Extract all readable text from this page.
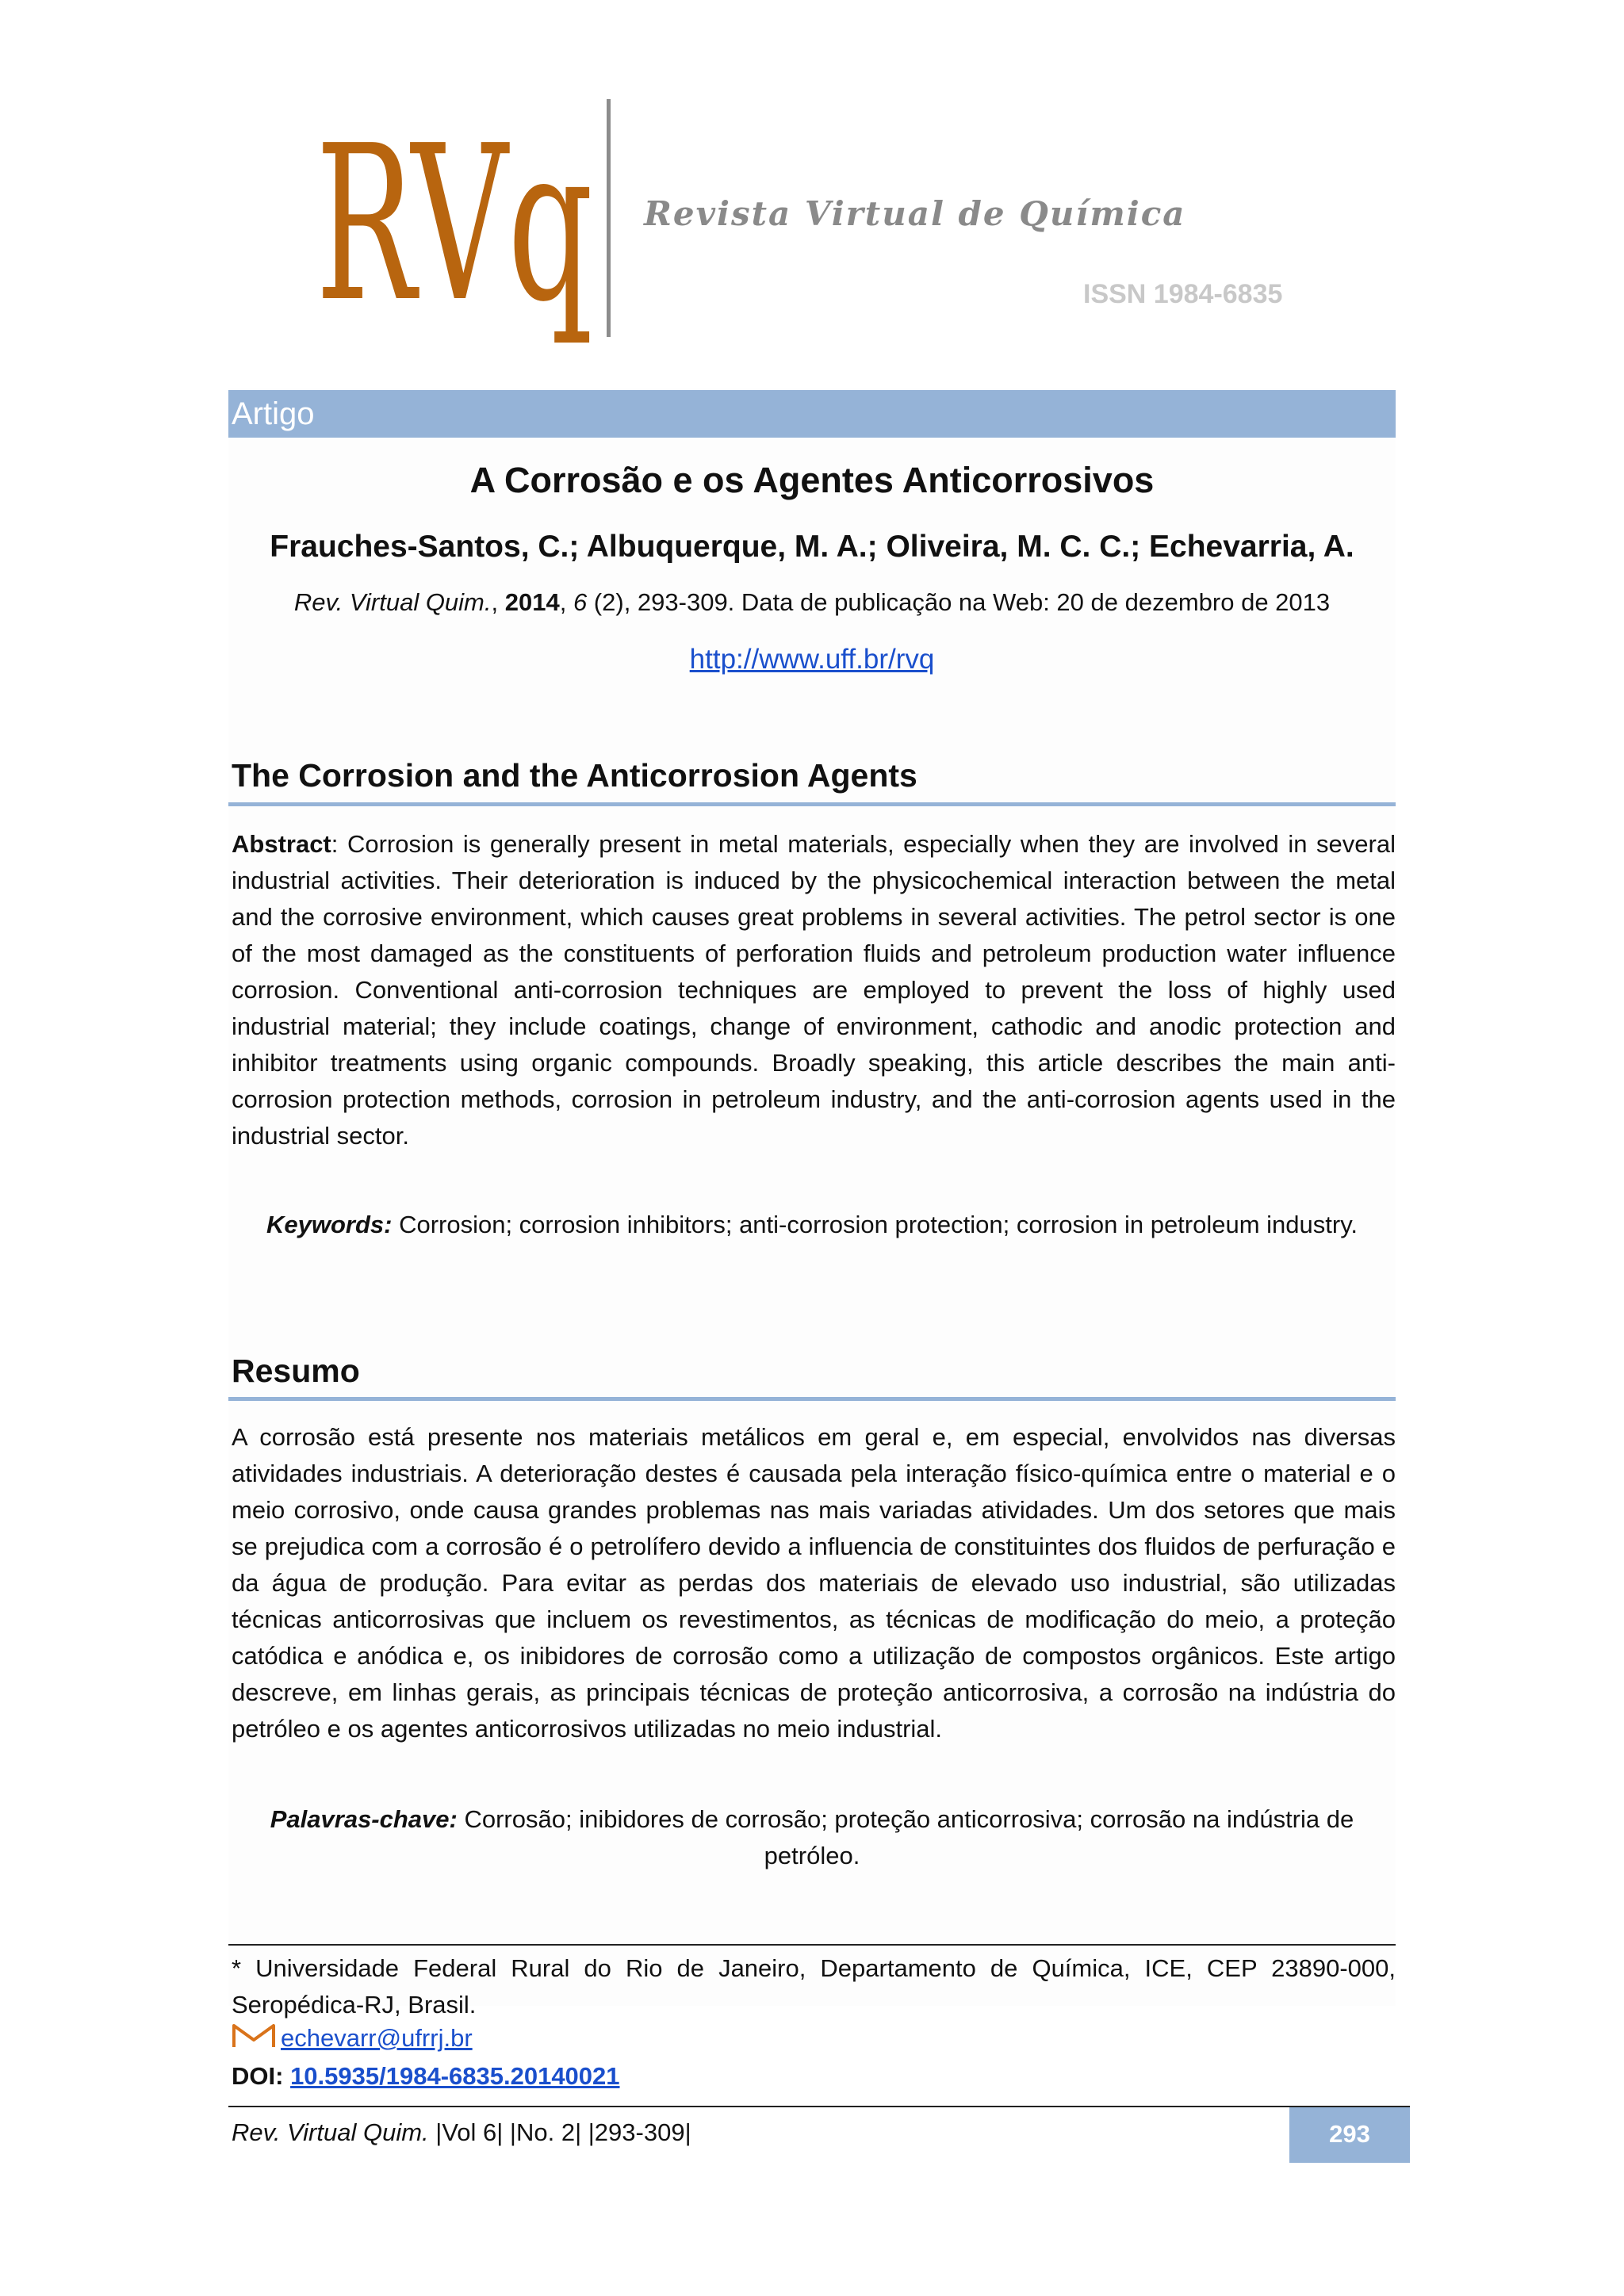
RVq Revista Virtual de Química
ISSN 1984-6835
Artigo
A Corrosão e os Agentes Anticorrosivos
Frauches-Santos, C.; Albuquerque, M. A.; Oliveira, M. C. C.; Echevarria, A.
Rev. Virtual Quim., 2014, 6 (2), 293-309. Data de publicação na Web: 20 de dezembro de 2013
http://www.uff.br/rvq
The Corrosion and the Anticorrosion Agents
Abstract: Corrosion is generally present in metal materials, especially when they are involved in several industrial activities. Their deterioration is induced by the physicochemical interaction between the metal and the corrosive environment, which causes great problems in several activities. The petrol sector is one of the most damaged as the constituents of perforation fluids and petroleum production water influence corrosion. Conventional anti-corrosion techniques are employed to prevent the loss of highly used industrial material; they include coatings, change of environment, cathodic and anodic protection and inhibitor treatments using organic compounds. Broadly speaking, this article describes the main anti-corrosion protection methods, corrosion in petroleum industry, and the anti-corrosion agents used in the industrial sector.
Keywords: Corrosion; corrosion inhibitors; anti-corrosion protection; corrosion in petroleum industry.
Resumo
A corrosão está presente nos materiais metálicos em geral e, em especial, envolvidos nas diversas atividades industriais. A deterioração destes é causada pela interação físico-química entre o material e o meio corrosivo, onde causa grandes problemas nas mais variadas atividades. Um dos setores que mais se prejudica com a corrosão é o petrolífero devido a influencia de constituintes dos fluidos de perfuração e da água de produção. Para evitar as perdas dos materiais de elevado uso industrial, são utilizadas técnicas anticorrosivas que incluem os revestimentos, as técnicas de modificação do meio, a proteção catódica e anódica e, os inibidores de corrosão como a utilização de compostos orgânicos. Este artigo descreve, em linhas gerais, as principais técnicas de proteção anticorrosiva, a corrosão na indústria do petróleo e os agentes anticorrosivos utilizadas no meio industrial.
Palavras-chave: Corrosão; inibidores de corrosão; proteção anticorrosiva; corrosão na indústria de petróleo.
* Universidade Federal Rural do Rio de Janeiro, Departamento de Química, ICE, CEP 23890-000, Seropédica-RJ, Brasil.
echevarr@ufrrj.br
DOI: 10.5935/1984-6835.20140021
Rev. Virtual Quim. |Vol 6| |No. 2| |293-309|	293
